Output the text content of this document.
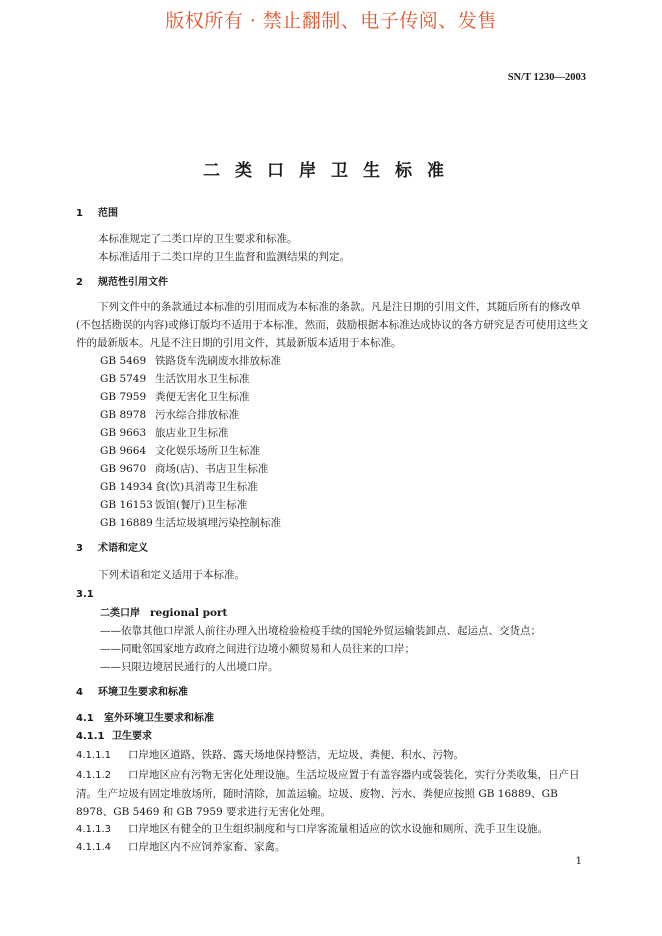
版权所有 · 禁止翻制、电子传阅、发售
SN/T 1230—2003
二类口岸卫生标准
1 范围
本标准规定了二类口岸的卫生要求和标准。
本标准适用于二类口岸的卫生监督和监测结果的判定。
2 规范性引用文件
下列文件中的条款通过本标准的引用而成为本标准的条款。凡是注日期的引用文件，其随后所有的修改单(不包括勘误的内容)或修订版均不适用于本标准，然而，鼓励根据本标准达成协议的各方研究是否可使用这些文件的最新版本。凡是不注日期的引用文件，其最新版本适用于本标准。
GB 5469 铁路货车洗刷废水排放标准
GB 5749 生活饮用水卫生标准
GB 7959 粪便无害化卫生标准
GB 8978 污水综合排放标准
GB 9663 旅店业卫生标准
GB 9664 文化娱乐场所卫生标准
GB 9670 商场(店)、书店卫生标准
GB 14934 食(饮)具消毒卫生标准
GB 16153 饭馆(餐厅)卫生标准
GB 16889 生活垃圾填埋污染控制标准
3 术语和定义
下列术语和定义适用于本标准。
3.1
二类口岸 regional port
——依靠其他口岸派人前往办理入出境检验检疫手续的国轮外贸运输装卸点、起运点、交货点；
——同毗邻国家地方政府之间进行边境小额贸易和人员往来的口岸；
——只限边境居民通行的人出境口岸。
4 环境卫生要求和标准
4.1 室外环境卫生要求和标准
4.1.1 卫生要求
4.1.1.1 口岸地区道路、铁路、露天场地保持整洁，无垃圾、粪便、积水、污物。
4.1.1.2 口岸地区应有污物无害化处理设施。生活垃圾应置于有盖容器内或袋装化，实行分类收集，日产日清。生产垃圾有固定堆放场所，随时清除，加盖运输。垃圾、废物、污水、粪便应按照 GB 16889、GB 8978、GB 5469 和 GB 7959 要求进行无害化处理。
4.1.1.3 口岸地区有健全的卫生组织制度和与口岸客流量相适应的饮水设施和厕所、洗手卫生设施。
4.1.1.4 口岸地区内不应饲养家畜、家禽。
1
